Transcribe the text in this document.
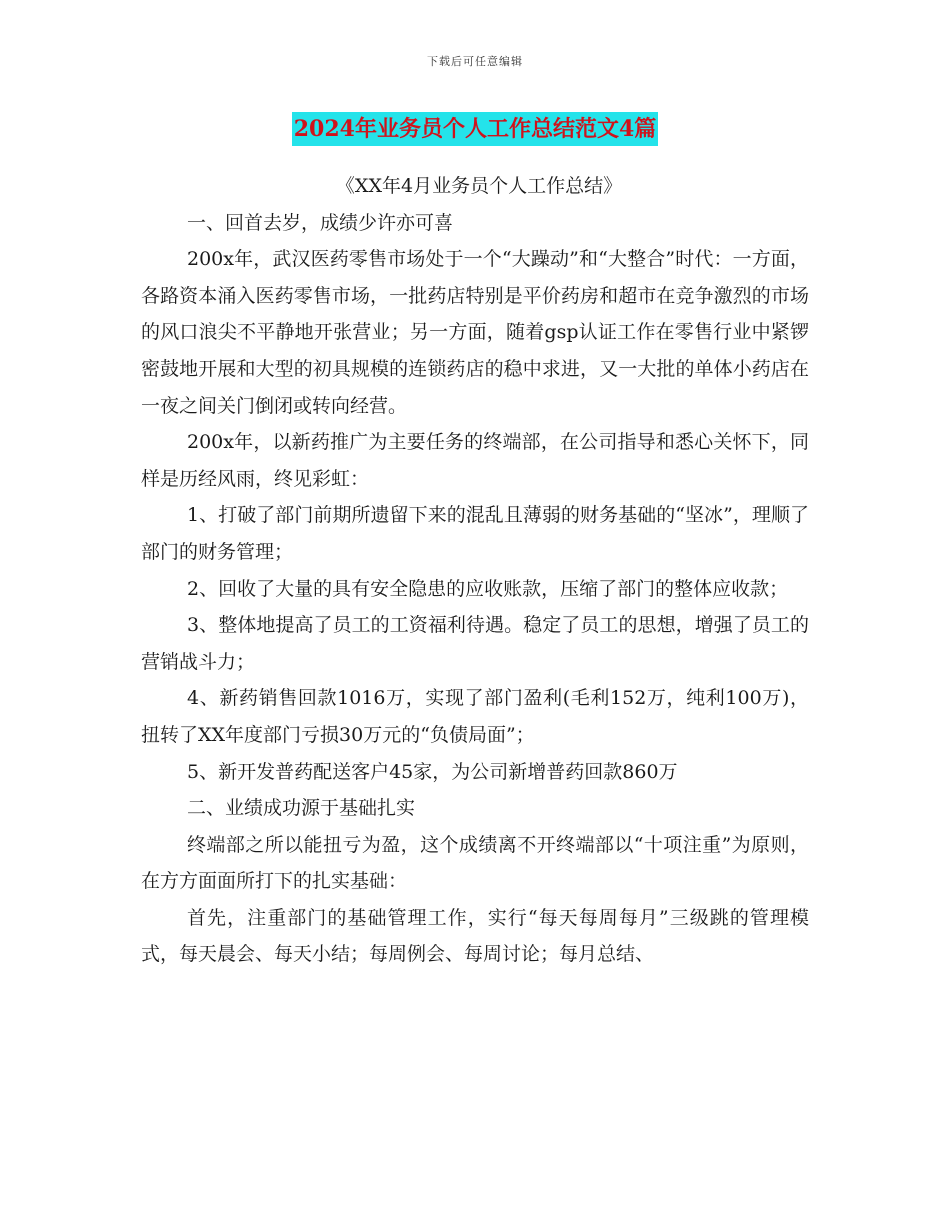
下载后可任意编辑
2024年业务员个人工作总结范文4篇

《XX年4月业务员个人工作总结》

一、回首去岁，成绩少许亦可喜

200x年，武汉医药零售市场处于一个“大躁动”和“大整合”时代：一方面，各路资本涌入医药零售市场，一批药店特别是平价药房和超市在竞争激烈的市场的风口浪尖不平静地开张营业；另一方面，随着gsp认证工作在零售行业中紧锣密鼓地开展和大型的初具规模的连锁药店的稳中求进，又一大批的单体小药店在一夜之间关门倒闭或转向经营。

200x年，以新药推广为主要任务的终端部，在公司指导和悉心关怀下，同样是历经风雨，终见彩虹：

1、打破了部门前期所遗留下来的混乱且薄弱的财务基础的“坚冰”，理顺了部门的财务管理；

2、回收了大量的具有安全隐患的应收账款，压缩了部门的整体应收款；

3、整体地提高了员工的工资福利待遇。稳定了员工的思想，增强了员工的营销战斗力；

4、新药销售回款1016万，实现了部门盈利(毛利152万，纯利100万)，扭转了XX年度部门亏损30万元的“负债局面”；

5、新开发普药配送客户45家，为公司新增普药回款860万

二、业绩成功源于基础扎实

终端部之所以能扭亏为盈，这个成绩离不开终端部以“十项注重”为原则，在方方面面所打下的扎实基础：

首先，注重部门的基础管理工作，实行“每天每周每月”三级跳的管理模式，每天晨会、每天小结；每周例会、每周讨论；每月总结、
